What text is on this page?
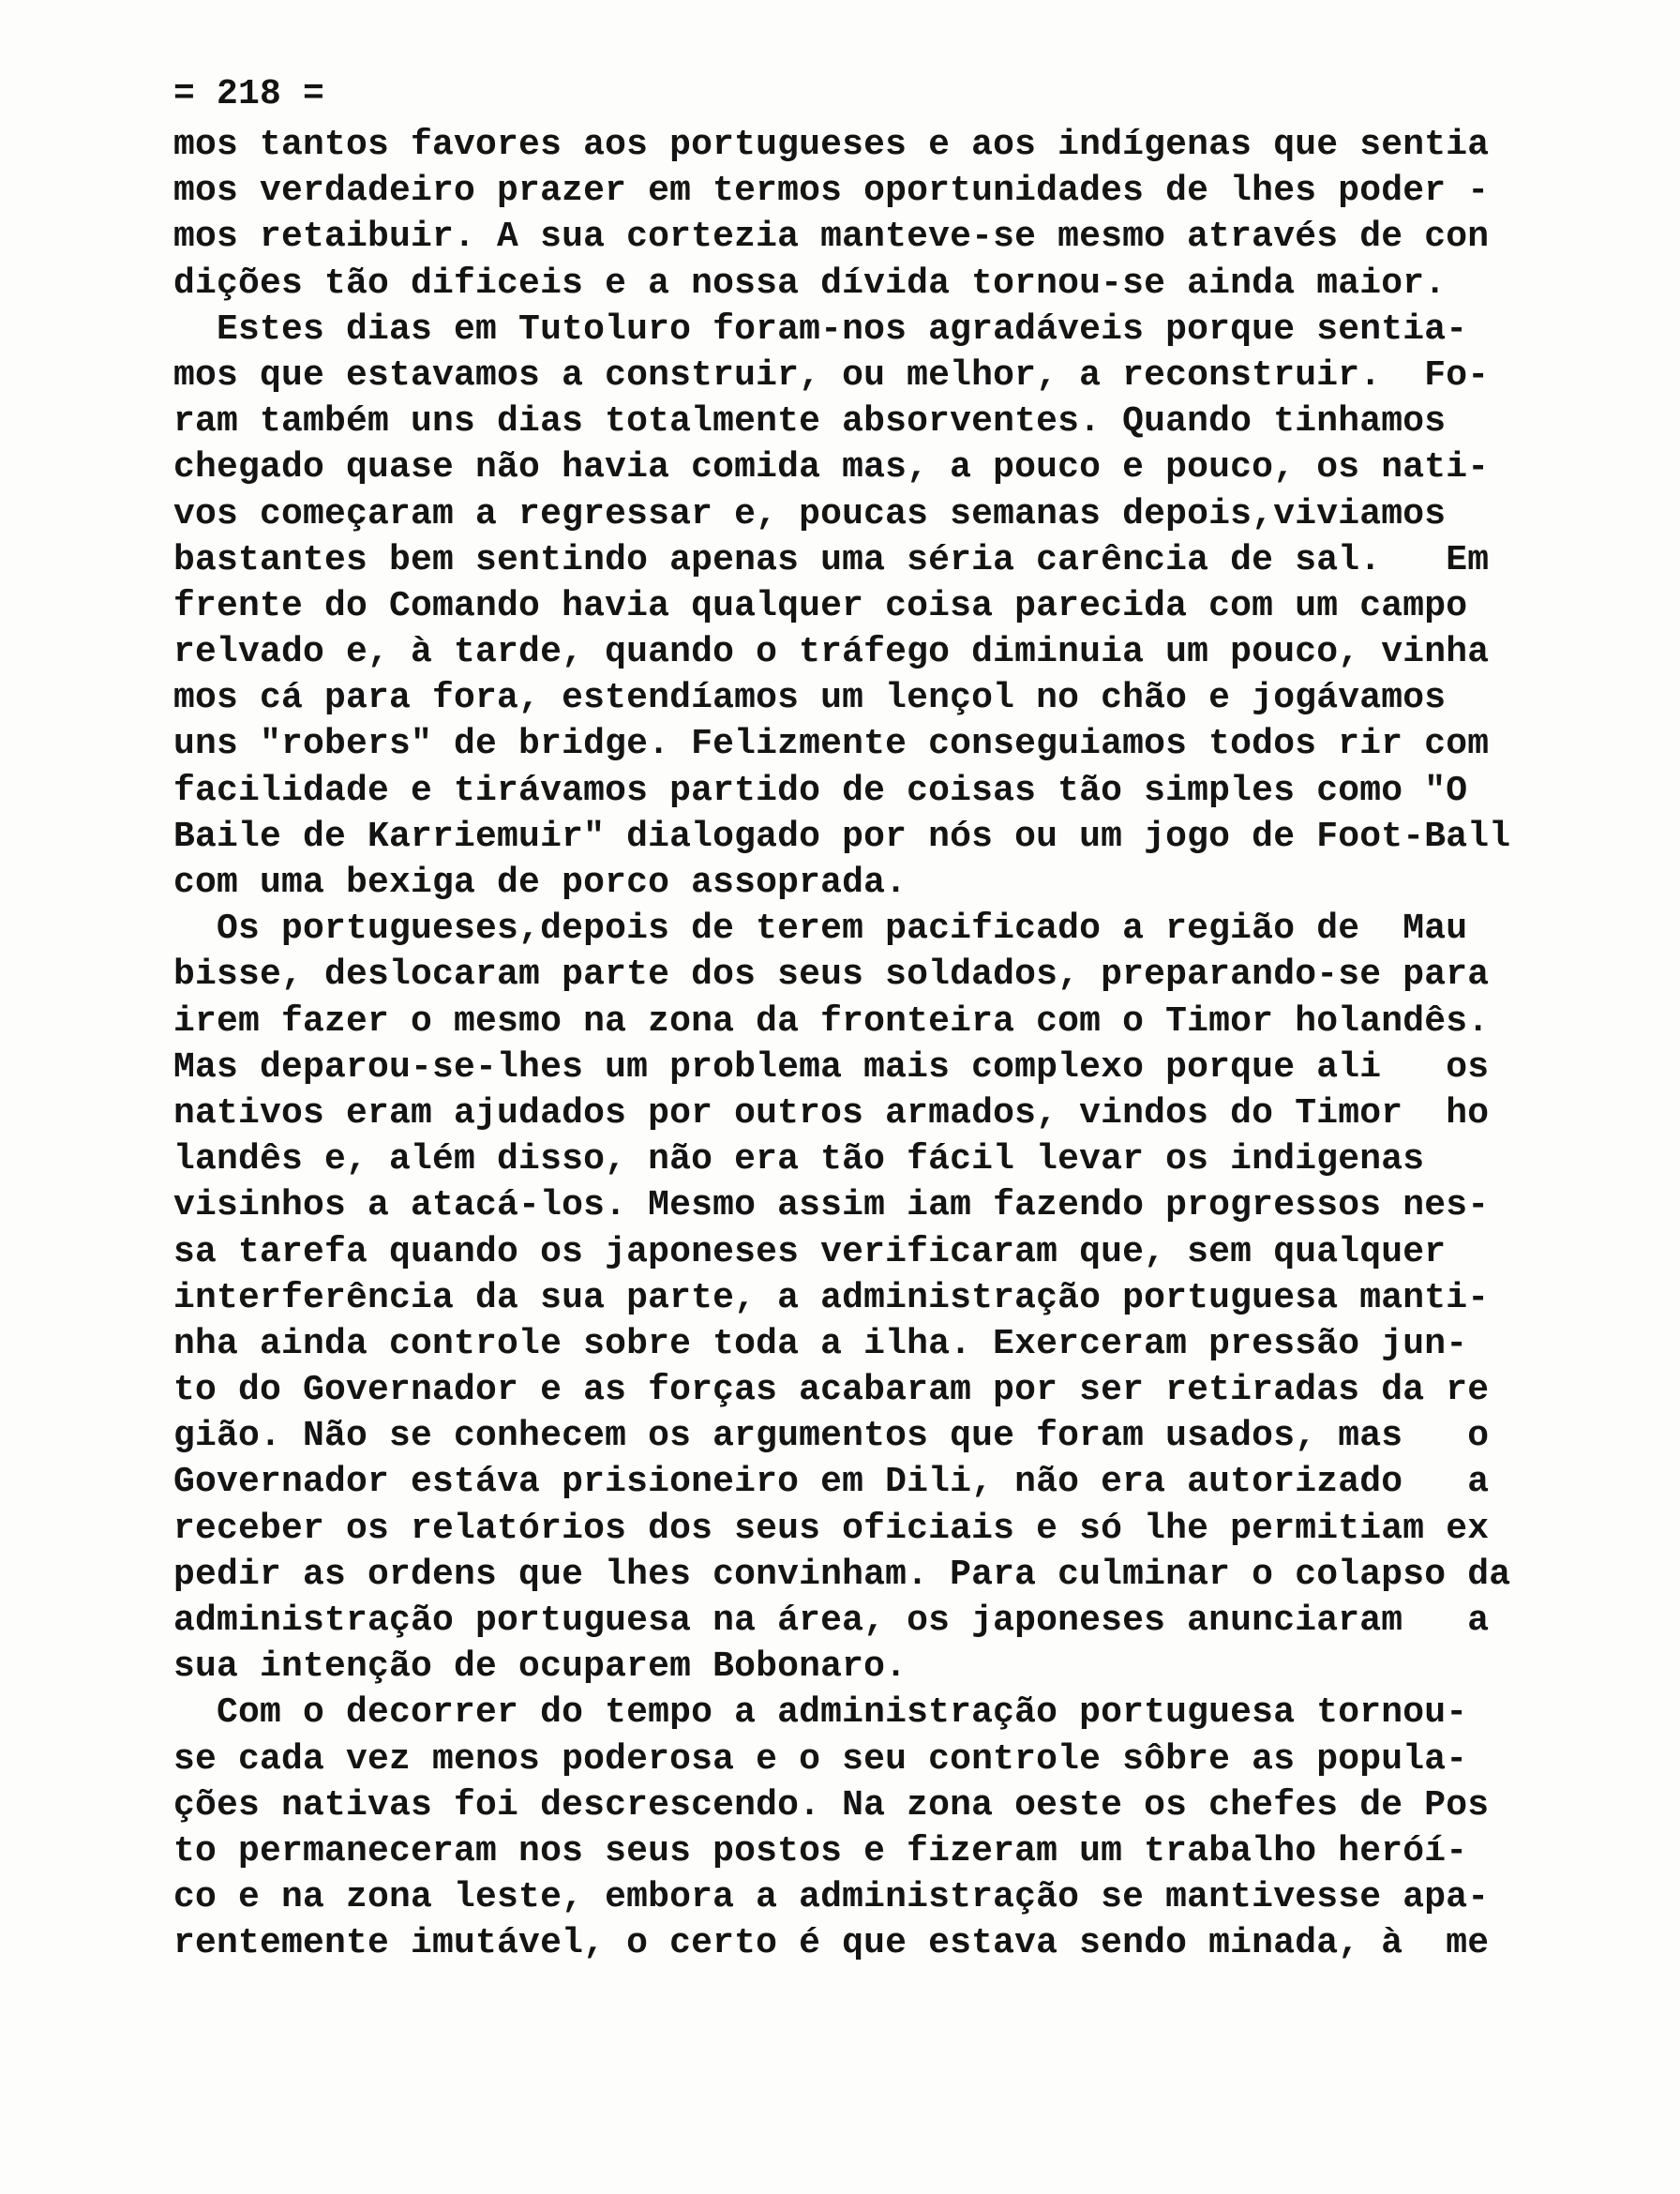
= 218 =
mos tantos favores aos portugueses e aos indígenas que sentia
mos verdadeiro prazer em termos oportunidades de lhes poder -
mos retaibuir. A sua cortezia manteve-se mesmo através de con
dições tão dificeis e a nossa dívida tornou-se ainda maior.
Estes dias em Tutoluro foram-nos agradáveis porque sentia-
mos que estavamos a construir, ou melhor, a reconstruir.  Fo-
ram também uns dias totalmente absorventes. Quando tinhamos
chegado quase não havia comida mas, a pouco e pouco, os nati-
vos começaram a regressar e, poucas semanas depois,viviamos
bastantes bem sentindo apenas uma séria carência de sal.   Em
frente do Comando havia qualquer coisa parecida com um campo
relvado e, à tarde, quando o tráfego diminuia um pouco, vinha
mos cá para fora, estendíamos um lençol no chão e jogávamos
uns "robers" de bridge. Felizmente conseguiamos todos rir com
facilidade e tirávamos partido de coisas tão simples como "O
Baile de Karriemuir" dialogado por nós ou um jogo de Foot-Ball
com uma bexiga de porco assoprada.
Os portugueses,depois de terem pacificado a região de  Mau
bisse, deslocaram parte dos seus soldados, preparando-se para
irem fazer o mesmo na zona da fronteira com o Timor holandês.
Mas deparou-se-lhes um problema mais complexo porque ali   os
nativos eram ajudados por outros armados, vindos do Timor  ho
landês e, além disso, não era tão fácil levar os indigenas
visinhos a atacá-los. Mesmo assim iam fazendo progressos nes-
sa tarefa quando os japoneses verificaram que, sem qualquer
interferência da sua parte, a administração portuguesa manti-
nha ainda controle sobre toda a ilha. Exerceram pressão jun-
to do Governador e as forças acabaram por ser retiradas da re
gião. Não se conhecem os argumentos que foram usados, mas   o
Governador estáva prisioneiro em Dili, não era autorizado   a
receber os relatórios dos seus oficiais e só lhe permitiam ex
pedir as ordens que lhes convinham. Para culminar o colapso da
administração portuguesa na área, os japoneses anunciaram   a
sua intenção de ocuparem Bobonaro.
Com o decorrer do tempo a administração portuguesa tornou-
se cada vez menos poderosa e o seu controle sôbre as popula-
ções nativas foi descrescendo. Na zona oeste os chefes de Pos
to permaneceram nos seus postos e fizeram um trabalho heróí-
co e na zona leste, embora a administração se mantivesse apa-
rentemente imutável, o certo é que estava sendo minada, à  me
